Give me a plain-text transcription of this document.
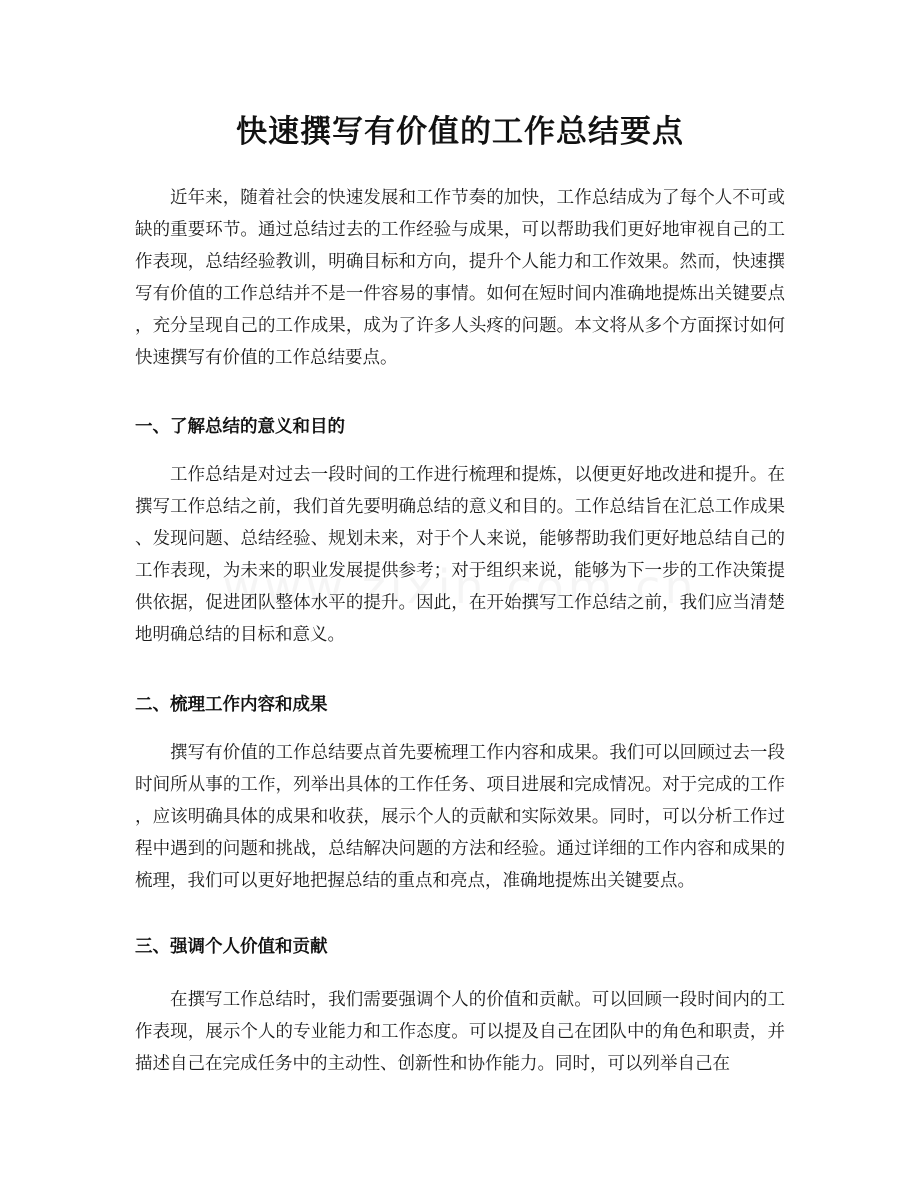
快速撰写有价值的工作总结要点

近年来，随着社会的快速发展和工作节奏的加快，工作总结成为了每个人不可或缺的重要环节。通过总结过去的工作经验与成果，可以帮助我们更好地审视自己的工作表现，总结经验教训，明确目标和方向，提升个人能力和工作效果。然而，快速撰写有价值的工作总结并不是一件容易的事情。如何在短时间内准确地提炼出关键要点，充分呈现自己的工作成果，成为了许多人头疼的问题。本文将从多个方面探讨如何快速撰写有价值的工作总结要点。

一、了解总结的意义和目的

工作总结是对过去一段时间的工作进行梳理和提炼，以便更好地改进和提升。在撰写工作总结之前，我们首先要明确总结的意义和目的。工作总结旨在汇总工作成果、发现问题、总结经验、规划未来，对于个人来说，能够帮助我们更好地总结自己的工作表现，为未来的职业发展提供参考；对于组织来说，能够为下一步的工作决策提供依据，促进团队整体水平的提升。因此，在开始撰写工作总结之前，我们应当清楚地明确总结的目标和意义。

二、梳理工作内容和成果

撰写有价值的工作总结要点首先要梳理工作内容和成果。我们可以回顾过去一段时间所从事的工作，列举出具体的工作任务、项目进展和完成情况。对于完成的工作，应该明确具体的成果和收获，展示个人的贡献和实际效果。同时，可以分析工作过程中遇到的问题和挑战，总结解决问题的方法和经验。通过详细的工作内容和成果的梳理，我们可以更好地把握总结的重点和亮点，准确地提炼出关键要点。

三、强调个人价值和贡献

在撰写工作总结时，我们需要强调个人的价值和贡献。可以回顾一段时间内的工作表现，展示个人的专业能力和工作态度。可以提及自己在团队中的角色和职责，并描述自己在完成任务中的主动性、创新性和协作能力。同时，可以列举自己在
